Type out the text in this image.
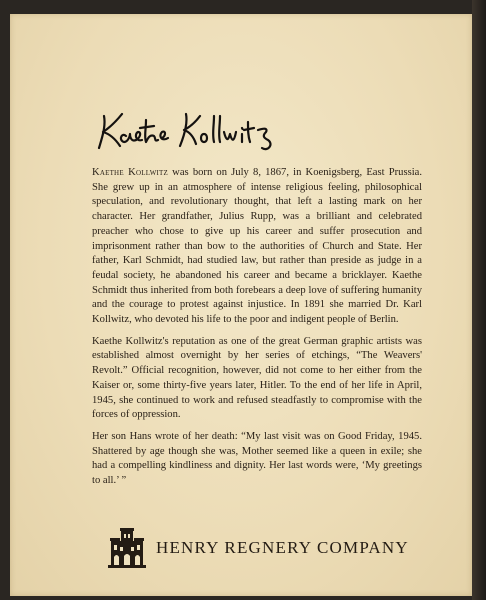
Kaethe Kollwitz was born on July 8, 1867, in Koenigsberg, East Prussia. She grew up in an atmosphere of intense religious feeling, philosophical speculation, and revolutionary thought, that left a lasting mark on her character. Her grandfather, Julius Rupp, was a brilliant and celebrated preacher who chose to give up his career and suffer prosecution and imprisonment rather than bow to the authorities of Church and State. Her father, Karl Schmidt, had studied law, but rather than preside as judge in a feudal society, he abandoned his career and became a bricklayer. Kaethe Schmidt thus inherited from both forebears a deep love of suffering humanity and the courage to protest against injustice. In 1891 she married Dr. Karl Kollwitz, who devoted his life to the poor and indigent people of Berlin.

Kaethe Kollwitz's reputation as one of the great German graphic artists was established almost overnight by her series of etchings, “The Weavers' Revolt.” Official recognition, however, did not come to her either from the Kaiser or, some thirty-five years later, Hitler. To the end of her life in April, 1945, she continued to work and refused steadfastly to compromise with the forces of oppression.

Her son Hans wrote of her death: “My last visit was on Good Friday, 1945. Shattered by age though she was, Mother seemed like a queen in exile; she had a compelling kindliness and dignity. Her last words were, ‘My greetings to all.’ ”

HENRY REGNERY COMPANY
